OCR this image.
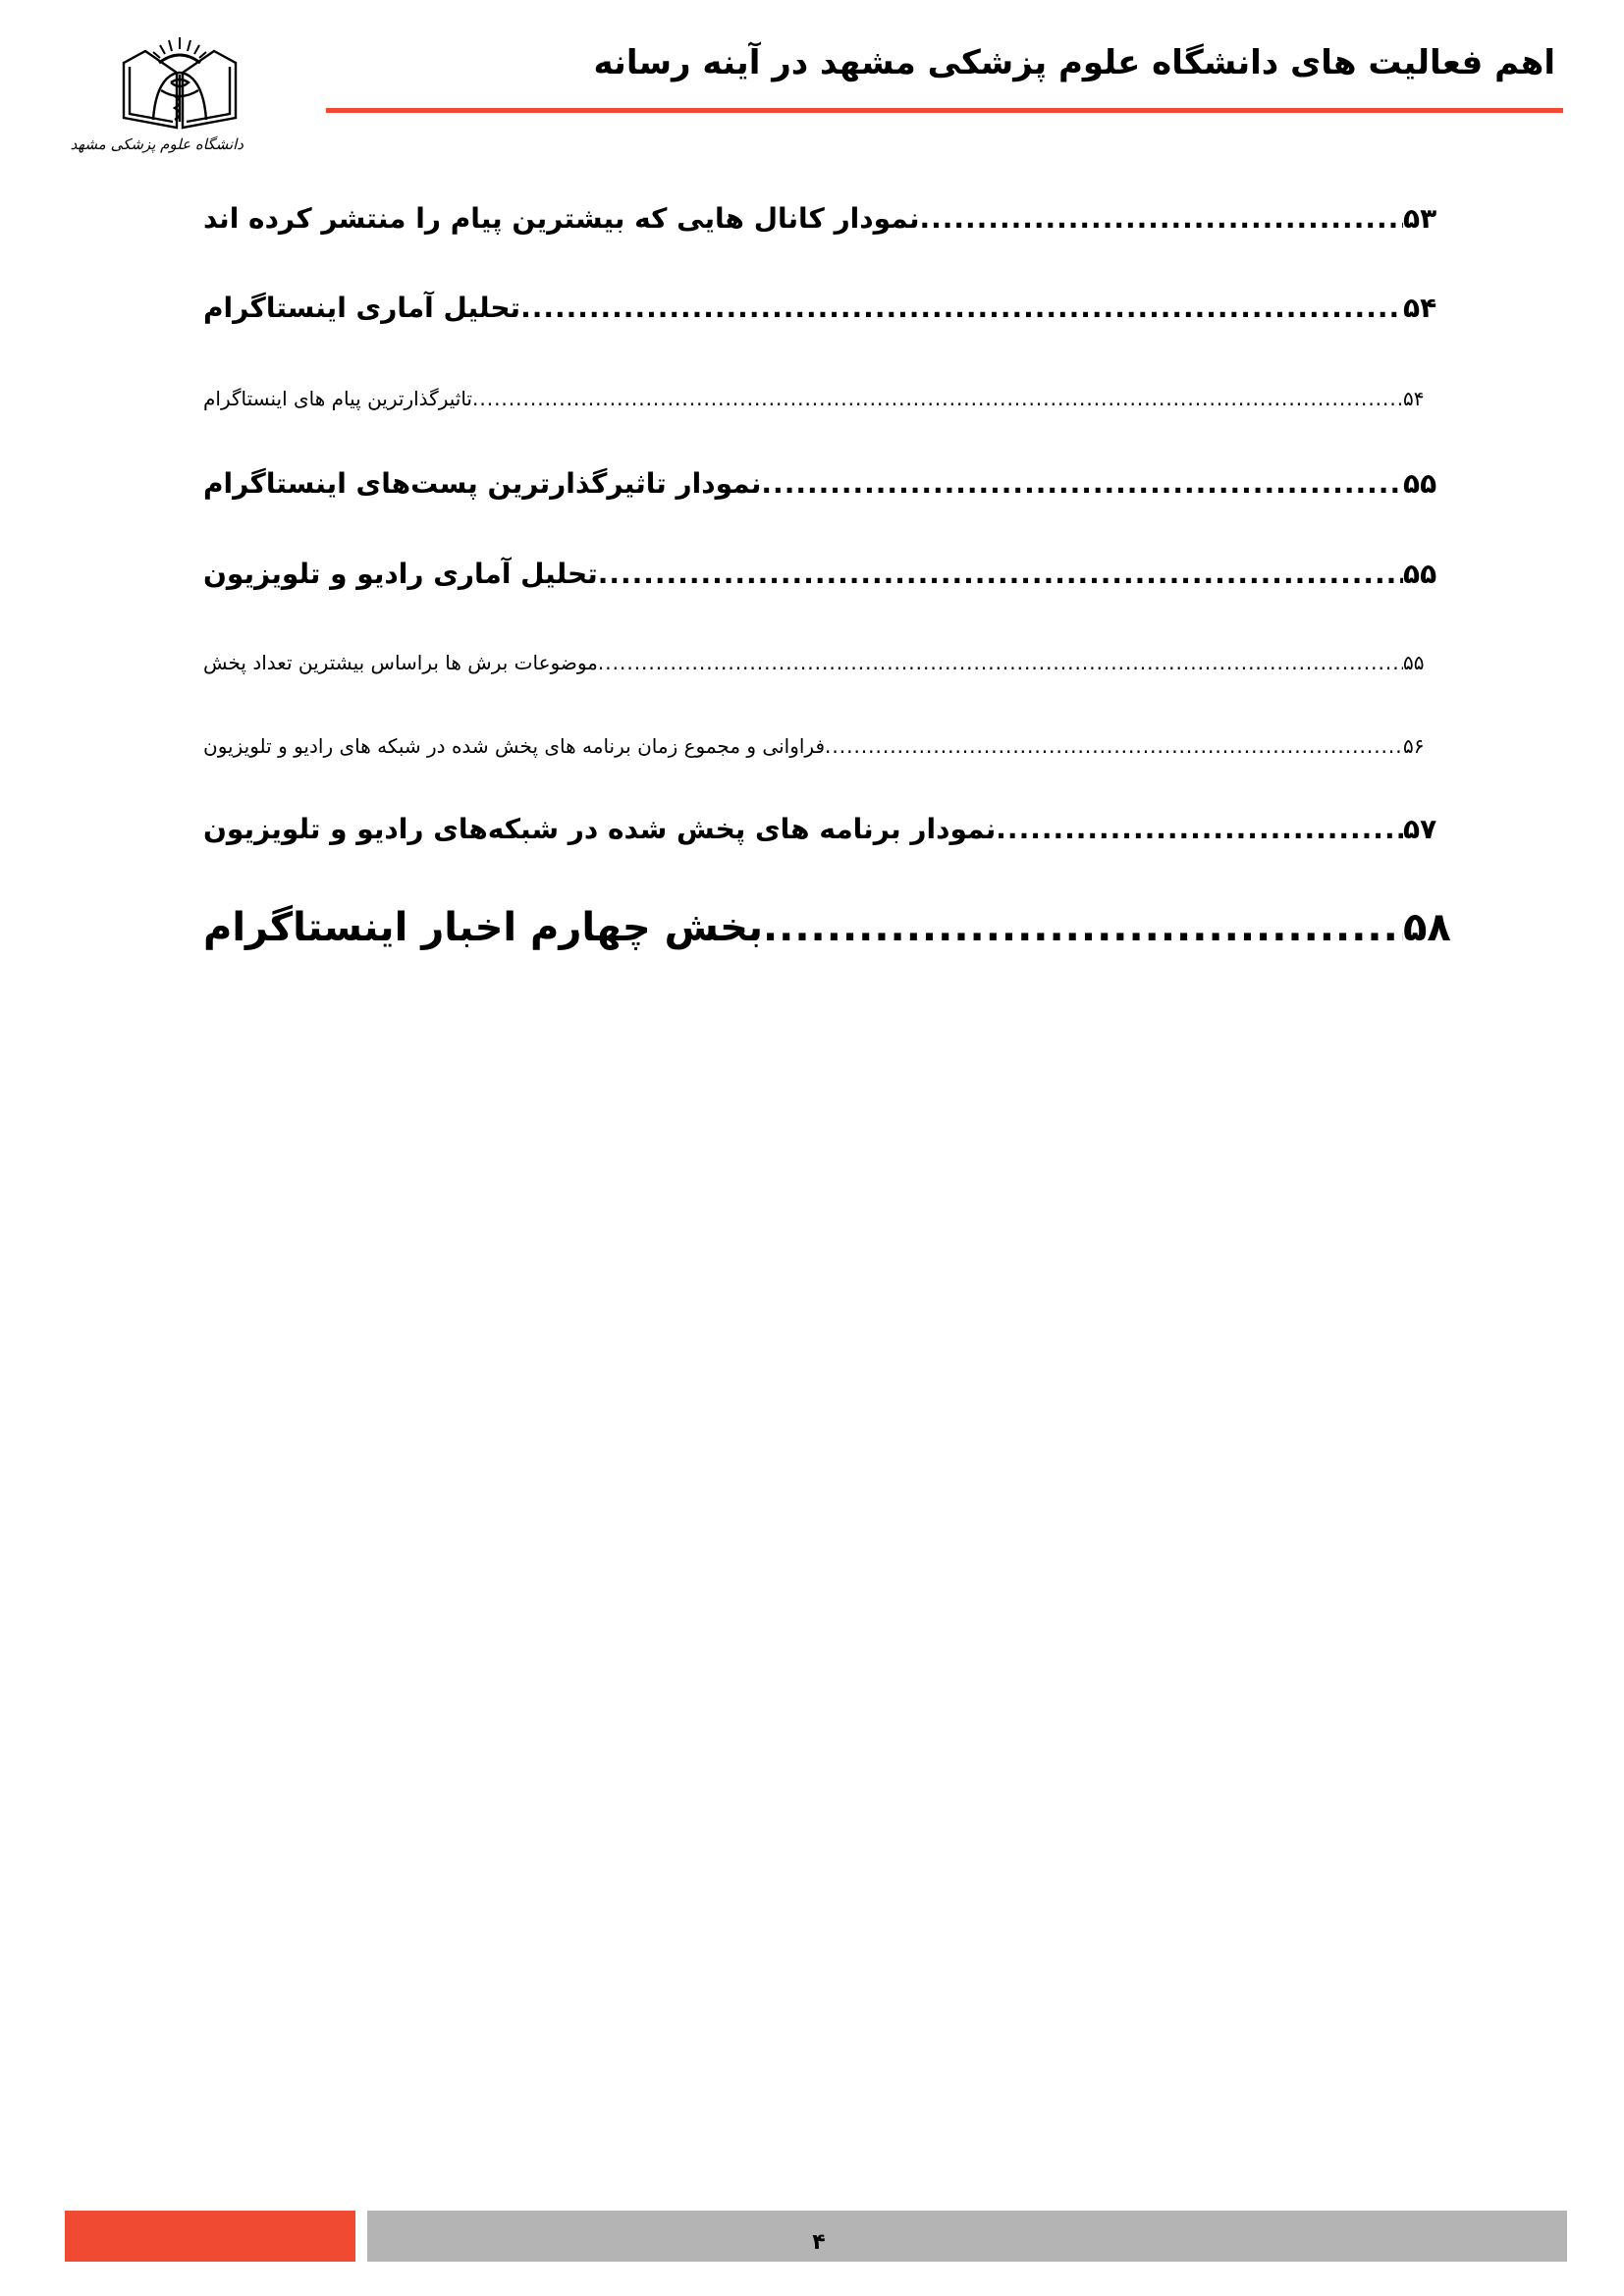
دانشگاه علوم پزشکی مشهد
اهم فعالیت های دانشگاه علوم پزشکی مشهد در آینه رسانه
نمودار کانال هایی که بیشترین پیام را منتشر کرده اند .....	۵۳
تحلیل آماری اینستاگرام .....	۵۴
تاثیرگذارترین پیام های اینستاگرام .....	۵۴
نمودار تاثیرگذارترین پست‌های اینستاگرام .....	۵۵
تحلیل آماری رادیو و تلویزیون .....	۵۵
موضوعات برش ها براساس بیشترین تعداد پخش .....	۵۵
فراوانی و مجموع زمان برنامه های پخش شده در شبکه های رادیو و تلویزیون .....	۵۶
نمودار برنامه های پخش شده در شبکه‌های رادیو و تلویزیون .....	۵۷
بخش چهارم اخبار اینستاگرام .....	۵۸
۴
